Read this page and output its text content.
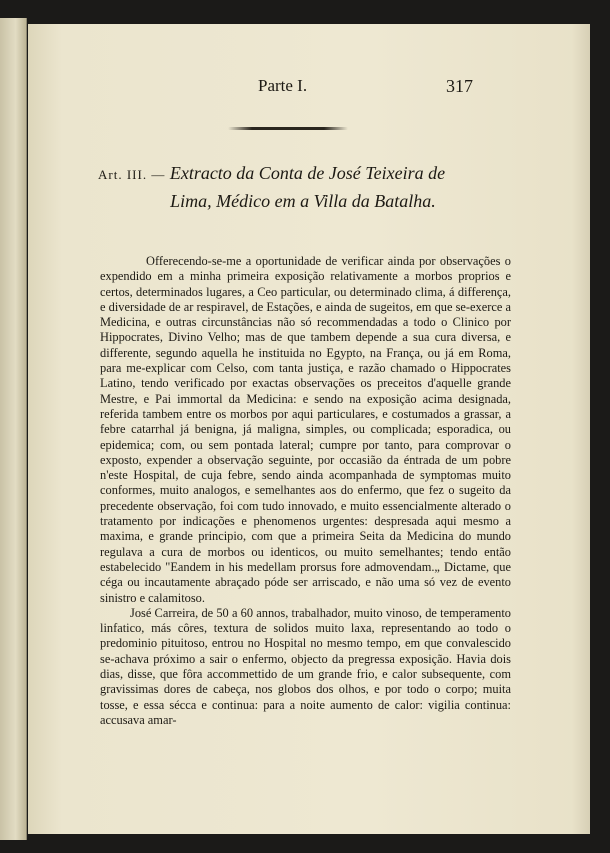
Parte I.	317
Art. III. — Extracto da Conta de José Teixeira de
Lima, Médico em a Villa da Batalha.

Offerecendo-se-me a oportunidade de verificar ainda por observações o expendido em a minha primeira exposição relativamente a morbos proprios e certos, determinados lugares, a Ceo particular, ou determinado clima, á differença, e diversidade de ar respiravel, de Estações, e ainda de sugeitos, em que se-exerce a Medicina, e outras circunstâncias não só recommendadas a todo o Clinico por Hippocrates, Divino Velho; mas de que tambem depende a sua cura diversa, e differente, segundo aquella he instituida no Egypto, na França, ou já em Roma, para me-explicar com Celso, com tanta justiça, e razão chamado o Hippocrates Latino, tendo verificado por exactas observações os preceitos d'aquelle grande Mestre, e Pai immortal da Medicina: e sendo na exposição acima designada, referida tambem entre os morbos por aqui particulares, e costumados a grassar, a febre catarrhal já benigna, já maligna, simples, ou complicada; esporadica, ou epidemica; com, ou sem pontada lateral; cumpre por tanto, para comprovar o exposto, expender a observação seguinte, por occasião da éntrada de um pobre n'este Hospital, de cuja febre, sendo ainda acompanhada de symptomas muito conformes, muito analogos, e semelhantes aos do enfermo, que fez o sugeito da precedente observação, foi com tudo innovado, e muito essencialmente alterado o tratamento por indicações e phenomenos urgentes: despresada aqui mesmo a maxima, e grande principio, com que a primeira Seita da Medicina do mundo regulava a cura de morbos ou identicos, ou muito semelhantes; tendo então estabelecido "Eandem in his medellam prorsus fore admovendam.„ Dictame, que céga ou incautamente abraçado póde ser arriscado, e não uma só vez de evento sinistro e calamitoso.

José Carreira, de 50 a 60 annos, trabalhador, muito vinoso, de temperamento linfatico, más côres, textura de solidos muito laxa, representando ao todo o predominio pituitoso, entrou no Hospital no mesmo tempo, em que convalescido se-achava próximo a sair o enfermo, objecto da pregressa exposição. Havia dois dias, disse, que fôra accommettido de um grande frio, e calor subsequente, com gravissimas dores de cabeça, nos globos dos olhos, e por todo o corpo; muita tosse, e essa sécca e continua: para a noite aumento de calor: vigilia continua: accusava amar-
